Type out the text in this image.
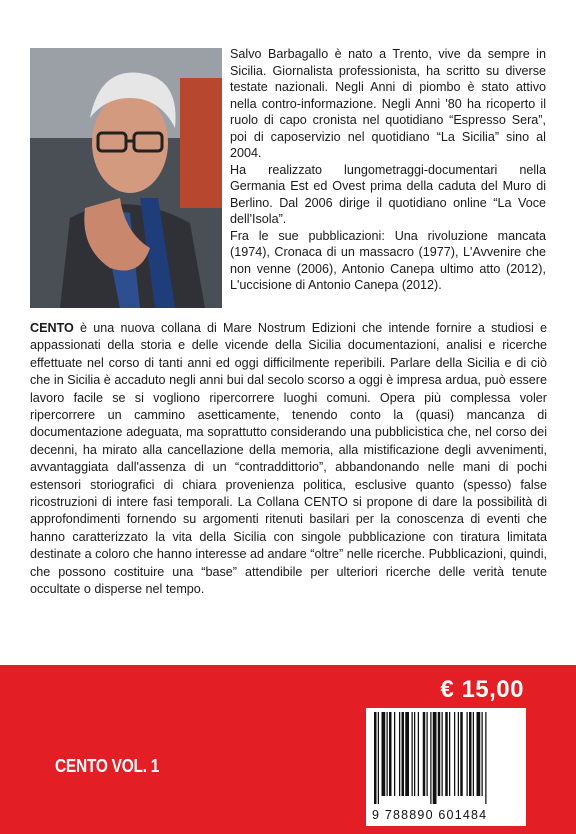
Salvo Barbagallo è nato a Trento, vive da sempre in Sicilia. Giornalista professionista, ha scritto su diverse testate nazionali. Negli Anni di piombo è stato attivo nella contro-informazione. Negli Anni '80 ha ricoperto il ruolo di capo cronista nel quotidiano “Espresso Sera”, poi di caposervizio nel quotidiano “La Sicilia” sino al 2004.

Ha realizzato lungometraggi-documentari nella Germania Est ed Ovest prima della caduta del Muro di Berlino. Dal 2006 dirige il quotidiano online “La Voce dell'Isola”.

Fra le sue pubblicazioni: Una rivoluzione mancata (1974), Cronaca di un massacro (1977), L'Avvenire che non venne (2006), Antonio Canepa ultimo atto (2012), L'uccisione di Antonio Canepa (2012).

CENTO è una nuova collana di Mare Nostrum Edizioni che intende fornire a studiosi e appassionati della storia e delle vicende della Sicilia documentazioni, analisi e ricerche effettuate nel corso di tanti anni ed oggi difficilmente reperibili. Parlare della Sicilia e di ciò che in Sicilia è accaduto negli anni bui dal secolo scorso a oggi è impresa ardua, può essere lavoro facile se si vogliono ripercorrere luoghi comuni. Opera più complessa voler ripercorrere un cammino asetticamente, tenendo conto la (quasi) mancanza di documentazione adeguata, ma soprattutto considerando una pubblicistica che, nel corso dei decenni, ha mirato alla cancellazione della memoria, alla mistificazione degli avvenimenti, avvantaggiata dall'assenza di un “contraddittorio”, abbandonando nelle mani di pochi estensori storiografici di chiara provenienza politica, esclusive quanto (spesso) false ricostruzioni di intere fasi temporali. La Collana CENTO si propone di dare la possibilità di approfondimenti fornendo su argomenti ritenuti basilari per la conoscenza di eventi che hanno caratterizzato la vita della Sicilia con singole pubblicazione con tiratura limitata destinate a coloro che hanno interesse ad andare “oltre” nelle ricerche. Pubblicazioni, quindi, che possono costituire una “base” attendibile per ulteriori ricerche delle verità tenute occultate o disperse nel tempo.

€ 15,00
CENTO VOL. 1
9 788890 601484
